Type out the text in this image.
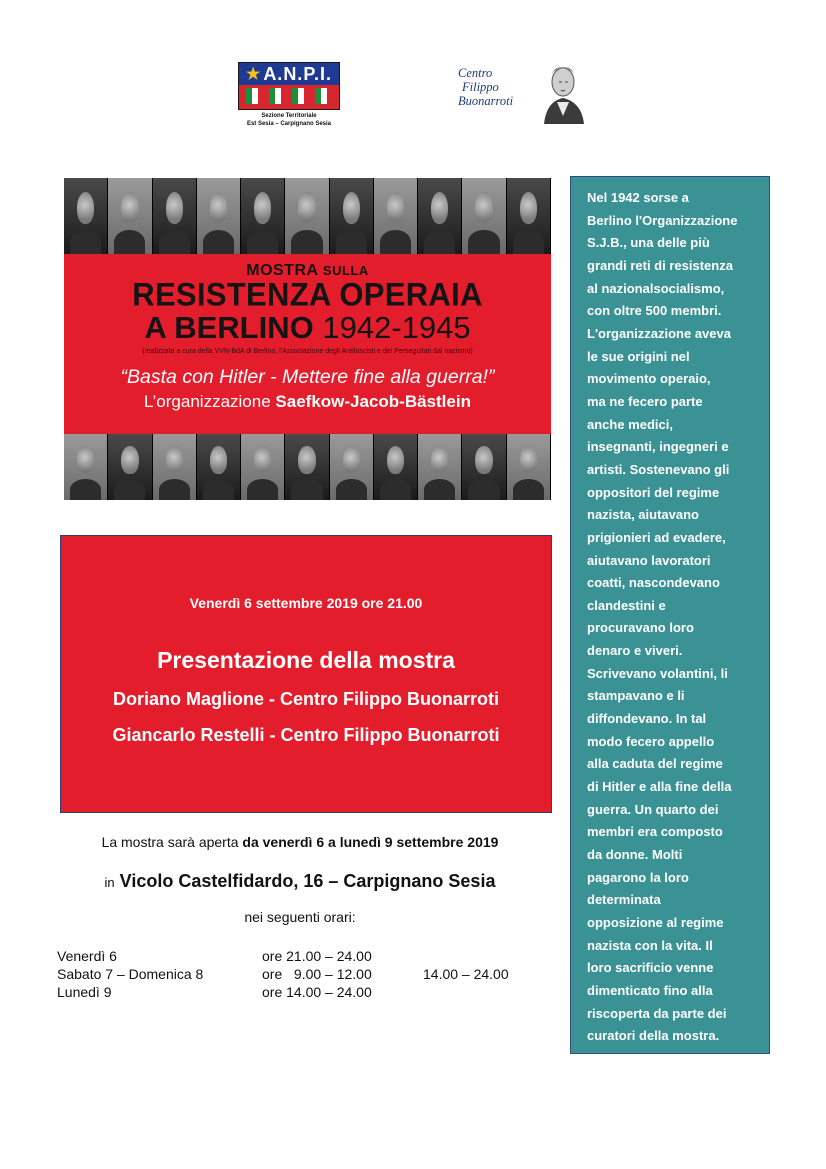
★ A.N.P.I.
Sezione Territoriale
Est Sesia – Carpignano Sesia
Centro
Filippo
Buonarroti
MOSTRA SULLA
RESISTENZA OPERAIA
A BERLINO 1942-1945
(realizzata a cura della VVN-BdA di Berlino, l'Associazione degli Antifascisti e dei Perseguitati dal nazismo)
“Basta con Hitler - Mettere fine alla guerra!”
L’organizzazione Saefkow-Jacob-Bästlein
Venerdì 6 settembre 2019 ore 21.00
Presentazione della mostra
Doriano Maglione - Centro Filippo Buonarroti
Giancarlo Restelli - Centro Filippo Buonarroti
La mostra sarà aperta da venerdì 6 a lunedì 9 settembre 2019
in Vicolo Castelfidardo, 16 – Carpignano Sesia
nei seguenti orari:
Venerdì 6	ore 21.00 – 24.00
Sabato 7 – Domenica 8	ore   9.00 – 12.00	14.00 – 24.00
Lunedì 9	ore 14.00 – 24.00
Nel 1942 sorse a
Berlino l'Organizzazione
S.J.B., una delle più
grandi reti di resistenza
al nazionalsocialismo,
con oltre 500 membri.
L'organizzazione aveva
le sue origini nel
movimento operaio,
ma ne fecero parte
anche medici,
insegnanti, ingegneri e
artisti. Sostenevano gli
oppositori del regime
nazista, aiutavano
prigionieri ad evadere,
aiutavano lavoratori
coatti, nascondevano
clandestini e
procuravano loro
denaro e viveri.
Scrivevano volantini, li
stampavano e li
diffondevano. In tal
modo fecero appello
alla caduta del regime
di Hitler e alla fine della
guerra. Un quarto dei
membri era composto
da donne. Molti
pagarono la loro
determinata
opposizione al regime
nazista con la vita. Il
loro sacrificio venne
dimenticato fino alla
riscoperta da parte dei
curatori della mostra.
